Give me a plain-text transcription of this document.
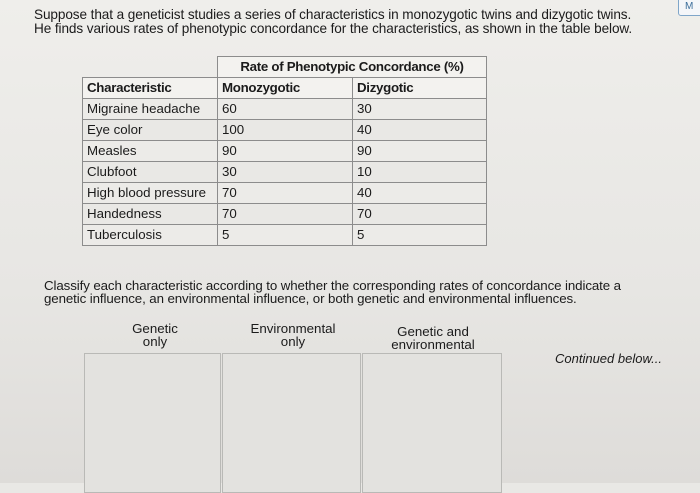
M

Suppose that a geneticist studies a series of characteristics in monozygotic twins and dizygotic twins.

He finds various rates of phenotypic concordance for the characteristics, as shown in the table below.

	Rate of Phenotypic Concordance (%)	
Characteristic	Monozygotic	Dizygotic
Migraine headache	60	30
Eye color	100	40
Measles	90	90
Clubfoot	30	10
High blood pressure	70	40
Handedness	70	70
Tuberculosis	5	5

Classify each characteristic according to whether the corresponding rates of concordance indicate a

genetic influence, an environmental influence, or both genetic and environmental influences.

Genetic
only
Environmental
only
Genetic and
environmental
Continued below...
